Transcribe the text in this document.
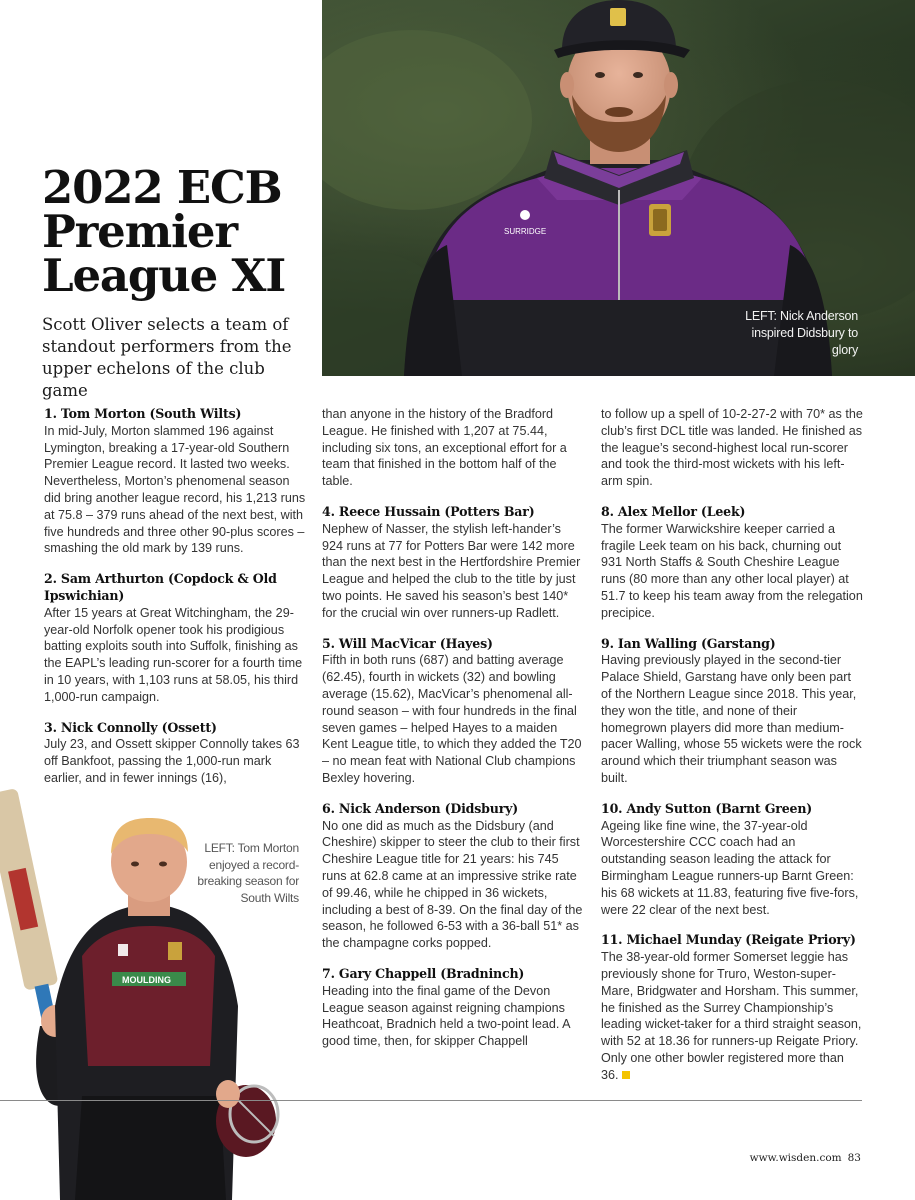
SURRIDGE
LEFT: Nick Anderson inspired Didsbury to glory
2022 ECB
Premier
League XI

Scott Oliver selects a team of standout performers from the upper echelons of the club game

1. Tom Morton (South Wilts)

In mid-July, Morton slammed 196 against Lymington, breaking a 17-year-old Southern Premier League record. It lasted two weeks. Nevertheless, Morton’s phenomenal season did bring another league record, his 1,213 runs at 75.8 – 379 runs ahead of the next best, with five hundreds and three other 90-plus scores – smashing the old mark by 139 runs.

2. Sam Arthurton (Copdock & Old Ipswichian)

After 15 years at Great Witchingham, the 29-year-old Norfolk opener took his prodigious batting exploits south into Suffolk, finishing as the EAPL’s leading run-scorer for a fourth time in 10 years, with 1,103 runs at 58.05, his third 1,000-run campaign.

3. Nick Connolly (Ossett)

July 23, and Ossett skipper Connolly takes 63 off Bankfoot, passing the 1,000-run mark earlier, and in fewer innings (16),

MOULDING
LEFT: Tom Morton enjoyed a record-breaking season for South Wilts

than anyone in the history of the Bradford League. He finished with 1,207 at 75.44, including six tons, an exceptional effort for a team that finished in the bottom half of the table.

4. Reece Hussain (Potters Bar)

Nephew of Nasser, the stylish left-hander’s 924 runs at 77 for Potters Bar were 142 more than the next best in the Hertfordshire Premier League and helped the club to the title by just two points. He saved his season’s best 140* for the crucial win over runners-up Radlett.

5. Will MacVicar (Hayes)

Fifth in both runs (687) and batting average (62.45), fourth in wickets (32) and bowling average (15.62), MacVicar’s phenomenal all-round season – with four hundreds in the final seven games – helped Hayes to a maiden Kent League title, to which they added the T20 – no mean feat with National Club champions Bexley hovering.

6. Nick Anderson (Didsbury)

No one did as much as the Didsbury (and Cheshire) skipper to steer the club to their first Cheshire League title for 21 years: his 745 runs at 62.8 came at an impressive strike rate of 99.46, while he chipped in 36 wickets, including a best of 8-39. On the final day of the season, he followed 6-53 with a 36-ball 51* as the champagne corks popped.

7. Gary Chappell (Bradninch)

Heading into the final game of the Devon League season against reigning champions Heathcoat, Bradnich held a two-point lead. A good time, then, for skipper Chappell

to follow up a spell of 10-2-27-2 with 70* as the club’s first DCL title was landed. He finished as the league’s second-highest local run-scorer and took the third-most wickets with his left-arm spin.

8. Alex Mellor (Leek)

The former Warwickshire keeper carried a fragile Leek team on his back, churning out 931 North Staffs & South Cheshire League runs (80 more than any other local player) at 51.7 to keep his team away from the relegation precipice.

9. Ian Walling (Garstang)

Having previously played in the second-tier Palace Shield, Garstang have only been part of the Northern League since 2018. This year, they won the title, and none of their homegrown players did more than medium-pacer Walling, whose 55 wickets were the rock around which their triumphant season was built.

10. Andy Sutton (Barnt Green)

Ageing like fine wine, the 37-year-old Worcestershire CCC coach had an outstanding season leading the attack for Birmingham League runners-up Barnt Green: his 68 wickets at 11.83, featuring five five-fors, were 22 clear of the next best.

11. Michael Munday (Reigate Priory)

The 38-year-old former Somerset leggie has previously shone for Truro, Weston-super-Mare, Bridgwater and Horsham. This summer, he finished as the Surrey Championship’s leading wicket-taker for a third straight season, with 52 at 18.36 for runners-up Reigate Priory. Only one other bowler registered more than 36.

www.wisden.com 83
